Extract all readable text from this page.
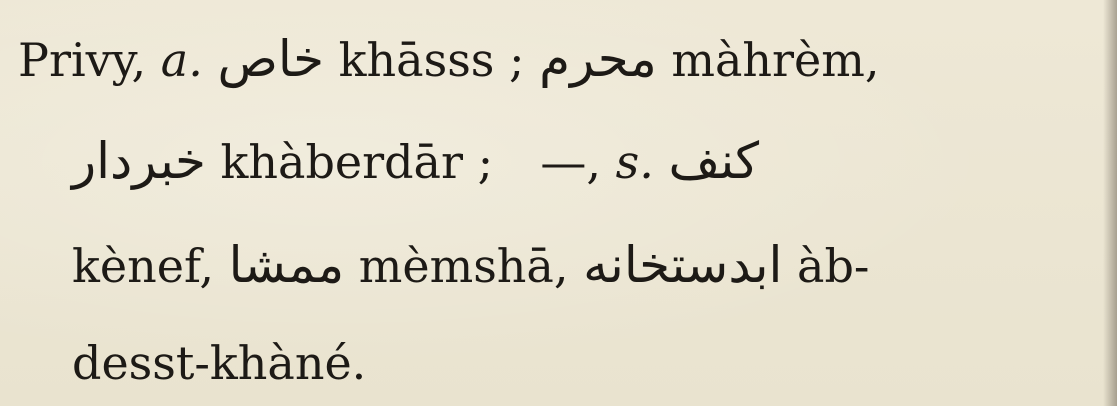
Privy, a. خاص khāsss ; محرم màhrèm,
خبردار khàberdār ; —, s. كنف
kènef, ممشا mèmshā, ابدستخانه àb-
desst-khàné.
